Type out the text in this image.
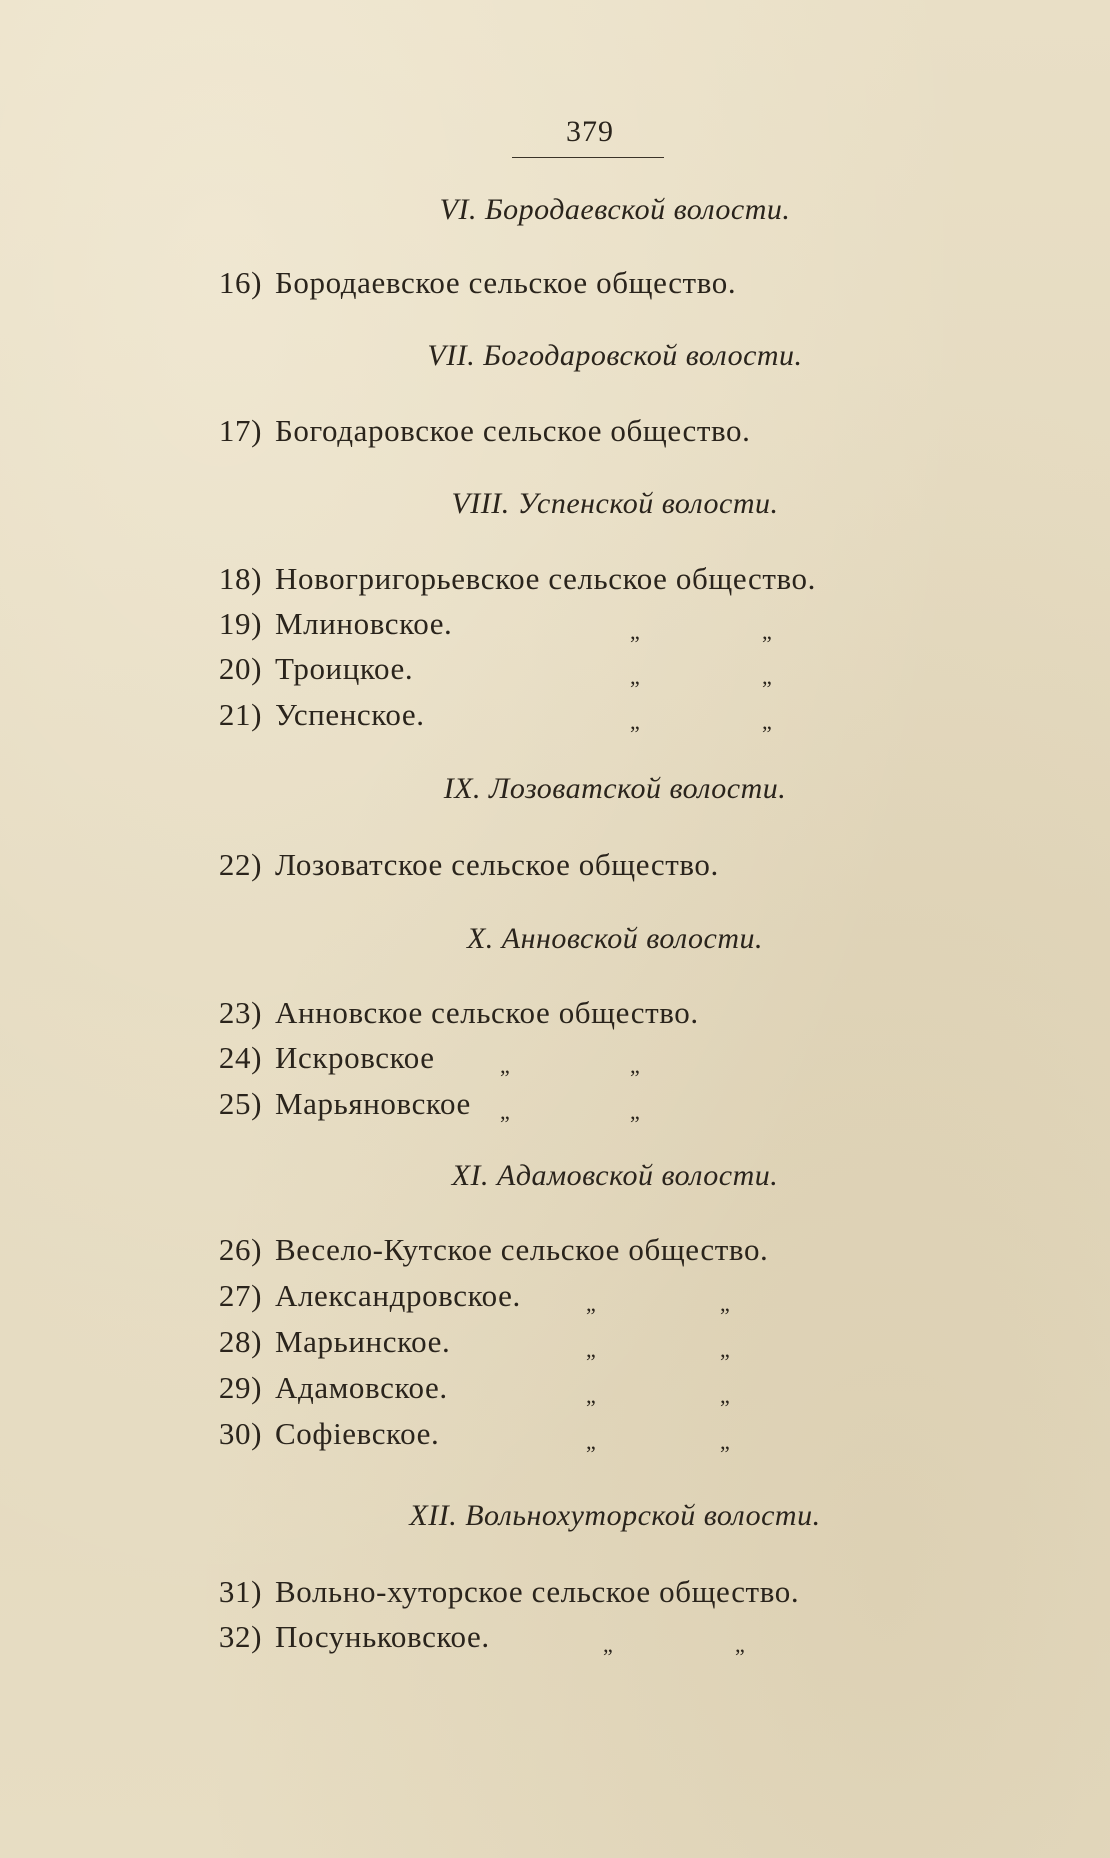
379
VI. Бородаевской волости.
16) Бородаевское сельское общество.
VII. Богодаровской волости.
17) Богодаровское сельское общество.
VIII. Успенской волости.
18) Новогригорьевское сельское общество.
19) Млиновское.	„	„
20) Троицкое.	„	„
21) Успенское.	„	„
IX. Лозоватской волости.
22) Лозоватское сельское общество.
X. Анновской волости.
23) Анновское сельское общество.
24) Искровское	„	„
25) Марьяновское „	„
XI. Адамовской волости.
26) Весело-Кутское сельское общество.
27) Александровское.	„	„
28) Марьинское.	„	„
29) Адамовское.	„	„
30) Софіевское.	„	„
XII. Вольнохуторской волости.
31) Вольно-хуторское сельское общество.
32) Посуньковское.	„	„
